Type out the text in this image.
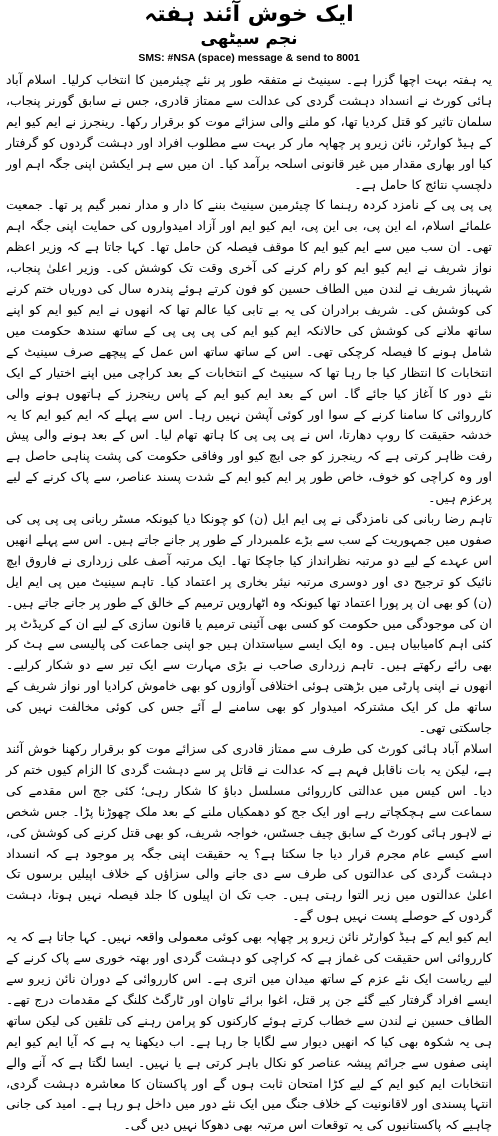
ایک خوش آئند ہفتہ
نجم سیٹھی
SMS: #NSA (space) message & send to 8001

یہ ہفتہ بہت اچھا گزرا ہے۔ سینیٹ نے متفقہ طور پر نئے چیئرمین کا انتخاب کرلیا۔ اسلام آباد ہائی کورٹ نے انسداد دہشت گردی کی عدالت سے ممتاز قادری، جس نے سابق گورنر پنجاب، سلمان تاثیر کو قتل کردیا تھا، کو ملنے والی سزائے موت کو برقرار رکھا۔ رینجرز نے ایم کیو ایم کے ہیڈ کوارٹر، نائن زیرو پر چھاپہ مار کر بہت سے مطلوب افراد اور دہشت گردوں کو گرفتار کیا اور بھاری مقدار میں غیر قانونی اسلحہ برآمد کیا۔ ان میں سے ہر ایکشن اپنی جگہ اہم اور دلچسپ نتائج کا حامل ہے۔

پی پی پی کے نامزد کردہ رہنما کا چیئرمین سینیٹ بننے کا دار و مدار نمبر گیم پر تھا۔ جمعیت علمائے اسلام، اے این پی، بی این پی، ایم کیو ایم اور آزاد امیدواروں کی حمایت اپنی جگہ اہم تھی۔ ان سب میں سے ایم کیو ایم کا موقف فیصلہ کن حامل تھا۔ کہا جاتا ہے کہ وزیر اعظم نواز شریف نے ایم کیو ایم کو رام کرنے کی آخری وقت تک کوشش کی۔ وزیر اعلیٰ پنجاب، شہباز شریف نے لندن میں الطاف حسین کو فون کرتے ہوئے پندرہ سال کی دوریاں ختم کرنے کی کوشش کی۔ شریف برادران کی یہ بے تابی کیا عالم تھا کہ انھوں نے ایم کیو ایم کو اپنے ساتھ ملانے کی کوشش کی حالانکہ ایم کیو ایم کی پی پی پی کے ساتھ سندھ حکومت میں شامل ہونے کا فیصلہ کرچکی تھی۔ اس کے ساتھ ساتھ اس عمل کے پیچھے صرف سینیٹ کے انتخابات کا انتظار کیا جا رہا تھا کہ سینیٹ کے انتخابات کے بعد کراچی میں اپنے اختیار کے ایک نئے دور کا آغاز کیا جائے گا۔ اس کے بعد ایم کیو ایم کے پاس رینجرز کے ہاتھوں ہونے والی کارروائی کا سامنا کرنے کے سوا اور کوئی آپشن نہیں رہا۔ اس سے پہلے کہ ایم کیو ایم کا یہ خدشہ حقیقت کا روپ دھارتا، اس نے پی پی پی کا ہاتھ تھام لیا۔ اس کے بعد ہونے والی پیش رفت ظاہر کرتی ہے کہ رینجرز کو جی ایچ کیو اور وفاقی حکومت کی پشت پناہی حاصل ہے اور وہ کراچی کو خوف، خاص طور پر ایم کیو ایم کے شدت پسند عناصر، سے پاک کرنے کے لیے پرعزم ہیں۔

تاہم رضا ربانی کی نامزدگی نے پی ایم ایل (ن) کو چونکا دیا کیونکہ مسٹر ربانی پی پی پی کی صفوں میں جمہوریت کے سب سے بڑے علمبردار کے طور پر جانے جاتے ہیں۔ اس سے پہلے انھیں اس عہدے کے لیے دو مرتبہ نظرانداز کیا جاچکا تھا۔ ایک مرتبہ آصف علی زرداری نے فاروق ایچ نائیک کو ترجیح دی اور دوسری مرتبہ نیئر بخاری پر اعتماد کیا۔ تاہم سینیٹ میں پی ایم ایل (ن) کو بھی ان پر پورا اعتماد تھا کیونکہ وہ اٹھارویں ترمیم کے خالق کے طور پر جانے جاتے ہیں۔ ان کی موجودگی میں حکومت کو کسی بھی آئینی ترمیم یا قانون سازی کے لیے ان کے کریڈٹ پر کئی اہم کامیابیاں ہیں۔ وہ ایک ایسے سیاستدان ہیں جو اپنی جماعت کی پالیسی سے ہٹ کر بھی رائے رکھتے ہیں۔ تاہم زرداری صاحب نے بڑی مہارت سے ایک تیر سے دو شکار کرلیے۔ انھوں نے اپنی پارٹی میں بڑھتی ہوئی اختلافی آوازوں کو بھی خاموش کرادیا اور نواز شریف کے ساتھ مل کر ایک مشترکہ امیدوار کو بھی سامنے لے آئے جس کی کوئی مخالفت نہیں کی جاسکتی تھی۔

اسلام آباد ہائی کورٹ کی طرف سے ممتاز قادری کی سزائے موت کو برقرار رکھنا خوش آئند ہے، لیکن یہ بات ناقابل فہم ہے کہ عدالت نے قاتل پر سے دہشت گردی کا الزام کیوں ختم کر دیا۔ اس کیس میں عدالتی کارروائی مسلسل دباؤ کا شکار رہی؛ کئی جج اس مقدمے کی سماعت سے ہچکچاتے رہے اور ایک جج کو دھمکیاں ملنے کے بعد ملک چھوڑنا پڑا۔ جس شخص نے لاہور ہائی کورٹ کے سابق چیف جسٹس، خواجہ شریف، کو بھی قتل کرنے کی کوشش کی، اسے کیسے عام مجرم قرار دیا جا سکتا ہے؟ یہ حقیقت اپنی جگہ پر موجود ہے کہ انسداد دہشت گردی کی عدالتوں کی طرف سے دی جانے والی سزاؤں کے خلاف اپیلیں برسوں تک اعلیٰ عدالتوں میں زیر التوا رہتی ہیں۔ جب تک ان اپیلوں کا جلد فیصلہ نہیں ہوتا، دہشت گردوں کے حوصلے پست نہیں ہوں گے۔

ایم کیو ایم کے ہیڈ کوارٹر نائن زیرو پر چھاپہ بھی کوئی معمولی واقعہ نہیں۔ کہا جاتا ہے کہ یہ کارروائی اس حقیقت کی غماز ہے کہ کراچی کو دہشت گردی اور بھتہ خوری سے پاک کرنے کے لیے ریاست ایک نئے عزم کے ساتھ میدان میں اتری ہے۔ اس کارروائی کے دوران نائن زیرو سے ایسے افراد گرفتار کیے گئے جن پر قتل، اغوا برائے تاوان اور ٹارگٹ کلنگ کے مقدمات درج تھے۔ الطاف حسین نے لندن سے خطاب کرتے ہوئے کارکنوں کو پرامن رہنے کی تلقین کی لیکن ساتھ ہی یہ شکوہ بھی کیا کہ انھیں دیوار سے لگایا جا رہا ہے۔ اب دیکھنا یہ ہے کہ آیا ایم کیو ایم اپنی صفوں سے جرائم پیشہ عناصر کو نکال باہر کرتی ہے یا نہیں۔ ایسا لگتا ہے کہ آنے والے انتخابات ایم کیو ایم کے لیے کڑا امتحان ثابت ہوں گے اور پاکستان کا معاشرہ دہشت گردی، انتہا پسندی اور لاقانونیت کے خلاف جنگ میں ایک نئے دور میں داخل ہو رہا ہے۔ امید کی جانی چاہیے کہ پاکستانیوں کی یہ توقعات اس مرتبہ بھی دھوکا نہیں دیں گی۔
